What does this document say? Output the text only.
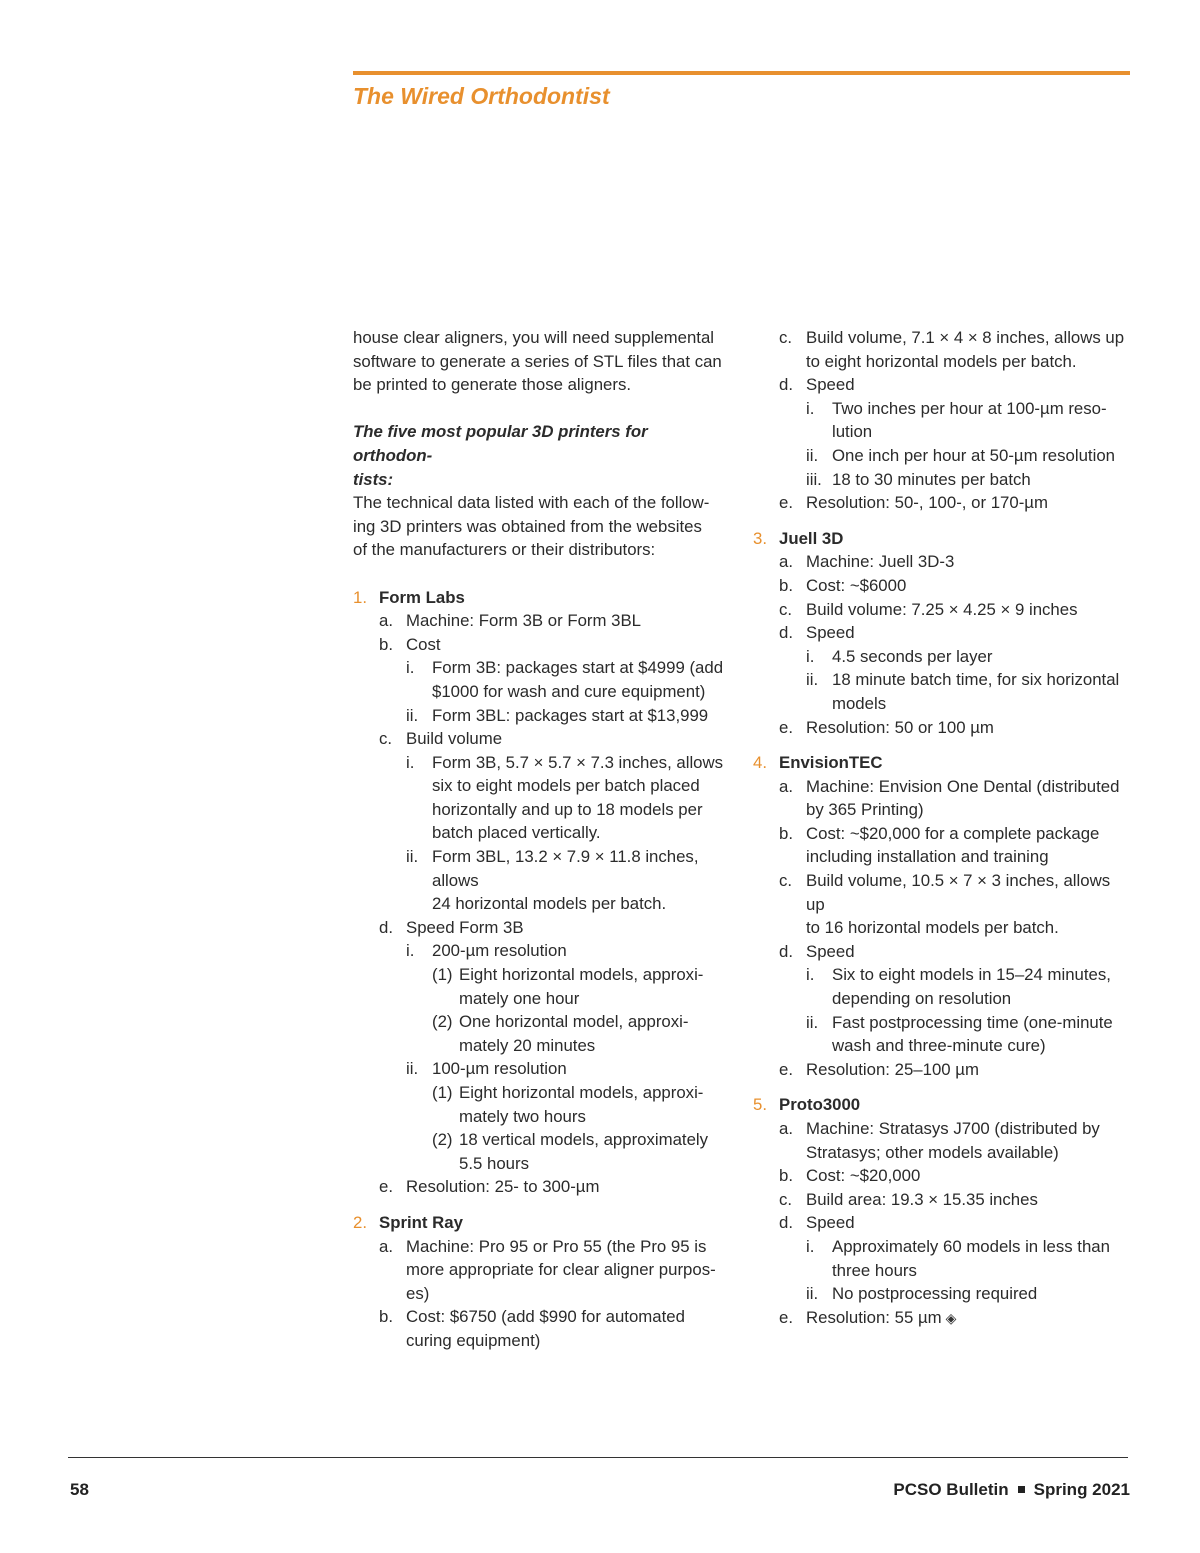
The Wired Orthodontist
house clear aligners, you will need supplemental
software to generate a series of STL files that can
be printed to generate those aligners.
The five most popular 3D printers for orthodon-
tists:
The technical data listed with each of the follow-
ing 3D printers was obtained from the websites
of the manufacturers or their distributors:
1. Form Labs
a. Machine: Form 3B or Form 3BL
b. Cost
i.	Form 3B: packages start at $4999 (add
$1000 for wash and cure equipment)
ii. Form 3BL: packages start at $13,999
c. Build volume
i.	Form 3B, 5.7 × 5.7 × 7.3 inches, allows
six to eight models per batch placed
horizontally and up to 18 models per
batch placed vertically.
ii. Form 3BL, 13.2 × 7.9 × 11.8 inches, allows
24 horizontal models per batch.
d. Speed Form 3B
i.	200-µm resolution
(1) Eight horizontal models, approxi-
mately one hour
(2) One horizontal model, approxi-
mately 20 minutes
ii. 100-µm resolution
(1) Eight horizontal models, approxi-
mately two hours
(2) 18 vertical models, approximately
5.5 hours
e. Resolution: 25- to 300-µm
2. Sprint Ray
a. Machine: Pro 95 or Pro 55 (the Pro 95 is
more appropriate for clear aligner purpos-
es)
b. Cost: $6750 (add $990 for automated
curing equipment)
c. Build volume, 7.1 × 4 × 8 inches, allows up
to eight horizontal models per batch.
d. Speed
i.	Two inches per hour at 100-µm reso-
lution
ii. One inch per hour at 50-µm resolution
iii. 18 to 30 minutes per batch
e. Resolution: 50-, 100-, or 170-µm
3. Juell 3D
a. Machine: Juell 3D-3
b. Cost: ~$6000
c. Build volume: 7.25 × 4.25 × 9 inches
d. Speed
i.	4.5 seconds per layer
ii. 18 minute batch time, for six horizontal
models
e. Resolution: 50 or 100 µm
4. EnvisionTEC
a. Machine: Envision One Dental (distributed
by 365 Printing)
b. Cost: ~$20,000 for a complete package
including installation and training
c. Build volume, 10.5 × 7 × 3 inches, allows up
to 16 horizontal models per batch.
d. Speed
i.	Six to eight models in 15–24 minutes,
depending on resolution
ii. Fast postprocessing time (one-minute
wash and three-minute cure)
e. Resolution: 25–100 µm
5. Proto3000
a. Machine: Stratasys J700 (distributed by
Stratasys; other models available)
b. Cost: ~$20,000
c. Build area: 19.3 × 15.35 inches
d. Speed
i.	Approximately 60 models in less than
three hours
ii. No postprocessing required
e. Resolution: 55 µm ◈
58	PCSO Bulletin Spring 2021
